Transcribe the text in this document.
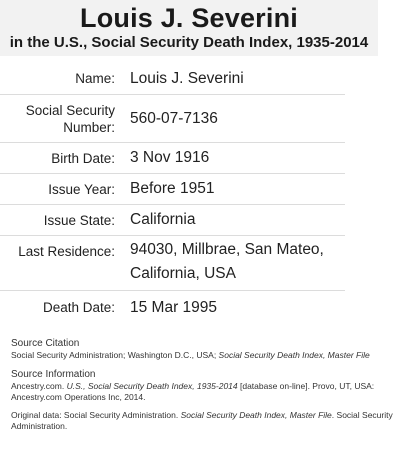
Louis J. Severini
in the U.S., Social Security Death Index, 1935-2014
Name: Louis J. Severini
Social Security
Number:
560-07-7136
Birth Date: 3 Nov 1916
Issue Year: Before 1951
Issue State: California
Last Residence: 94030, Millbrae, San Mateo,
California, USA
Death Date: 15 Mar 1995
Source Citation
Social Security Administration; Washington D.C., USA; Social Security Death Index, Master File
Source Information
Ancestry.com. U.S., Social Security Death Index, 1935-2014 [database on-line]. Provo, UT, USA:
Ancestry.com Operations Inc, 2014.
Original data: Social Security Administration. Social Security Death Index, Master File. Social Security
Administration.
